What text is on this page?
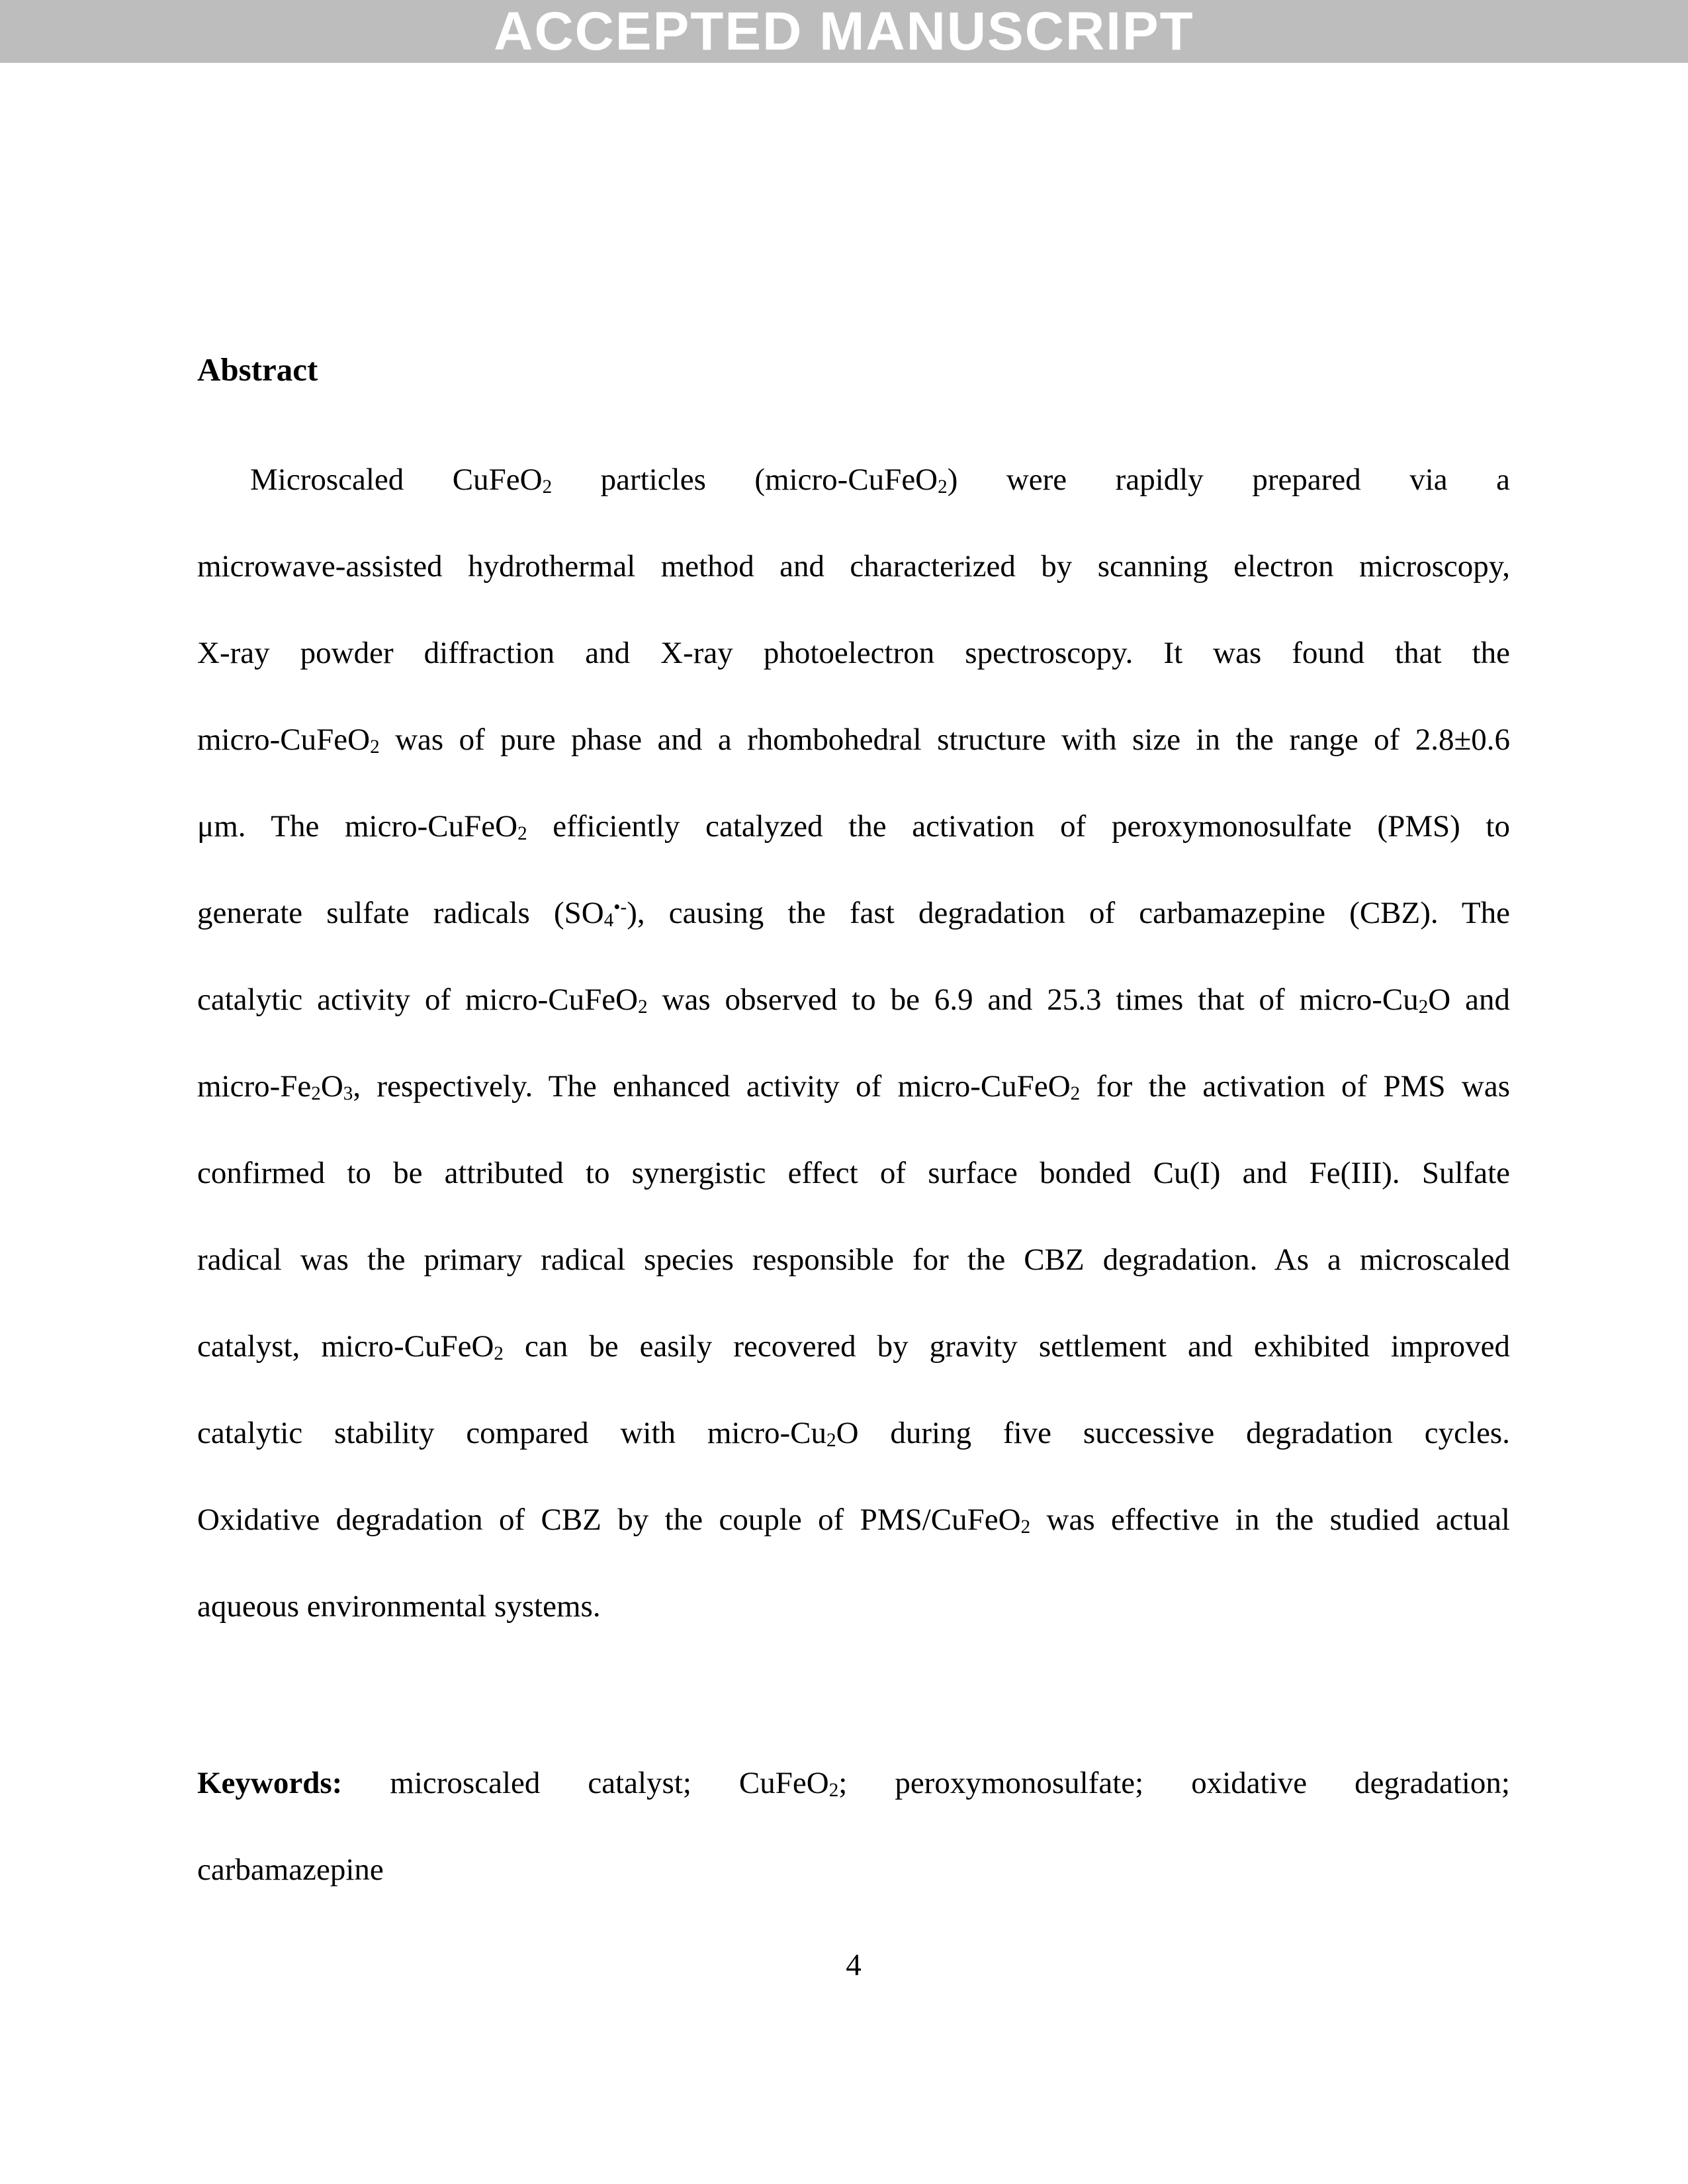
ACCEPTED MANUSCRIPT
Abstract
Microscaled CuFeO$_2$ particles (micro-CuFeO$_2$) were rapidly prepared via a
microwave-assisted hydrothermal method and characterized by scanning electron microscopy,
X-ray powder diffraction and X-ray photoelectron spectroscopy. It was found that the
micro-CuFeO$_2$ was of pure phase and a rhombohedral structure with size in the range of 2.8±0.6
μm. The micro-CuFeO$_2$ efficiently catalyzed the activation of peroxymonosulfate (PMS) to
generate sulfate radicals $(SO_4^{•-})$, causing the fast degradation of carbamazepine (CBZ). The
catalytic activity of micro-CuFeO$_2$ was observed to be 6.9 and 25.3 times that of micro-$Cu_2O$ and
micro-$Fe_2O_3$, respectively. The enhanced activity of micro-CuFeO$_2$ for the activation of PMS was
confirmed to be attributed to synergistic effect of surface bonded Cu(I) and Fe(III). Sulfate
radical was the primary radical species responsible for the CBZ degradation. As a microscaled
catalyst, micro-CuFeO$_2$ can be easily recovered by gravity settlement and exhibited improved
catalytic stability compared with micro-$Cu_2O$ during five successive degradation cycles.
Oxidative degradation of CBZ by the couple of PMS/CuFeO$_2$ was effective in the studied actual
aqueous environmental systems.
Keywords: microscaled catalyst; CuFeO$_2$; peroxymonosulfate; oxidative degradation;
carbamazepine
4
